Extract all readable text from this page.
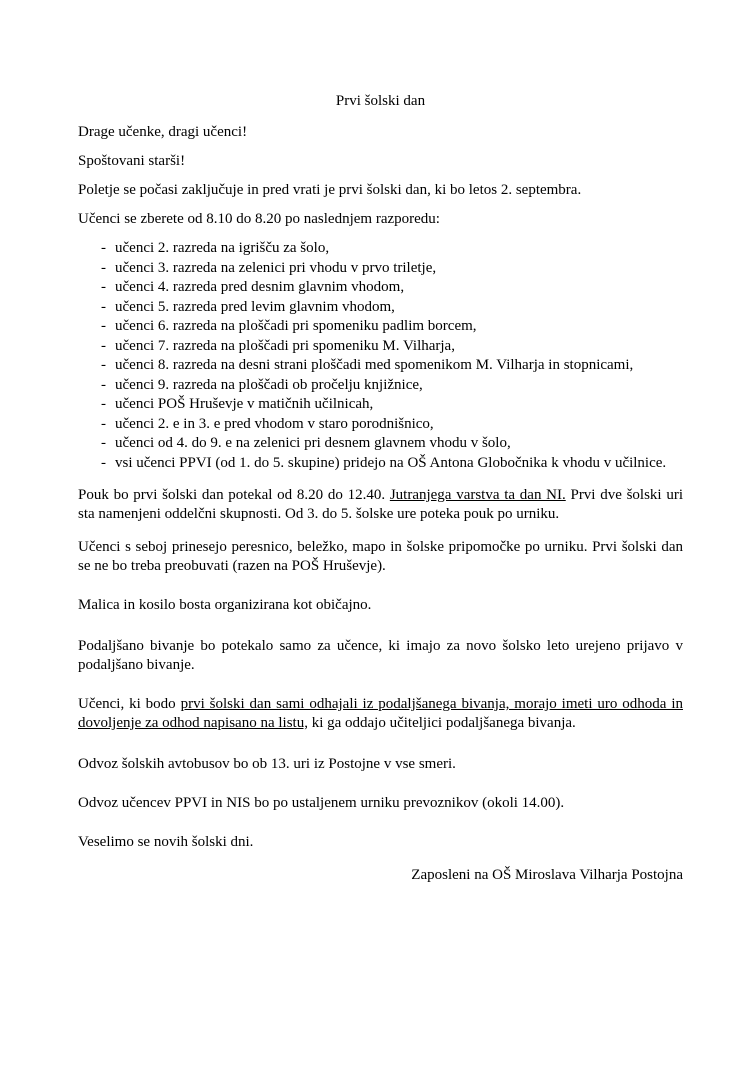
Prvi šolski dan

Drage učenke, dragi učenci!

Spoštovani starši!

Poletje se počasi zaključuje in pred vrati je prvi šolski dan, ki bo letos 2. septembra.

Učenci se zberete od 8.10 do 8.20 po naslednjem razporedu:

- učenci 2. razreda na igrišču za šolo,
- učenci 3. razreda na zelenici pri vhodu v prvo triletje,
- učenci 4. razreda pred desnim glavnim vhodom,
- učenci 5. razreda pred levim glavnim vhodom,
- učenci 6. razreda na ploščadi pri spomeniku padlim borcem,
- učenci 7. razreda na ploščadi pri spomeniku M. Vilharja,
- učenci 8. razreda na desni strani ploščadi med spomenikom M. Vilharja in stopnicami,
- učenci 9. razreda na ploščadi ob pročelju knjižnice,
- učenci POŠ Hruševje v matičnih učilnicah,
- učenci 2. e in 3. e pred vhodom v staro porodnišnico,
- učenci od 4. do 9. e na zelenici pri desnem glavnem vhodu v šolo,
- vsi učenci PPVI (od 1. do 5. skupine) pridejo na OŠ Antona Globočnika k vhodu v učilnice.

Pouk bo prvi šolski dan potekal od 8.20 do 12.40. Jutranjega varstva ta dan NI. Prvi dve šolski uri sta namenjeni oddelčni skupnosti. Od 3. do 5. šolske ure poteka pouk po urniku.

Učenci s seboj prinesejo peresnico, beležko, mapo in šolske pripomočke po urniku. Prvi šolski dan se ne bo treba preobuvati (razen na POŠ Hruševje).

Malica in kosilo bosta organizirana kot običajno.

Podaljšano bivanje bo potekalo samo za učence, ki imajo za novo šolsko leto urejeno prijavo v podaljšano bivanje.

Učenci, ki bodo prvi šolski dan sami odhajali iz podaljšanega bivanja, morajo imeti uro odhoda in dovoljenje za odhod napisano na listu, ki ga oddajo učiteljici podaljšanega bivanja.

Odvoz šolskih avtobusov bo ob 13. uri iz Postojne v vse smeri.

Odvoz učencev PPVI in NIS bo po ustaljenem urniku prevoznikov (okoli 14.00).

Veselimo se novih šolski dni.

Zaposleni na OŠ Miroslava Vilharja Postojna
